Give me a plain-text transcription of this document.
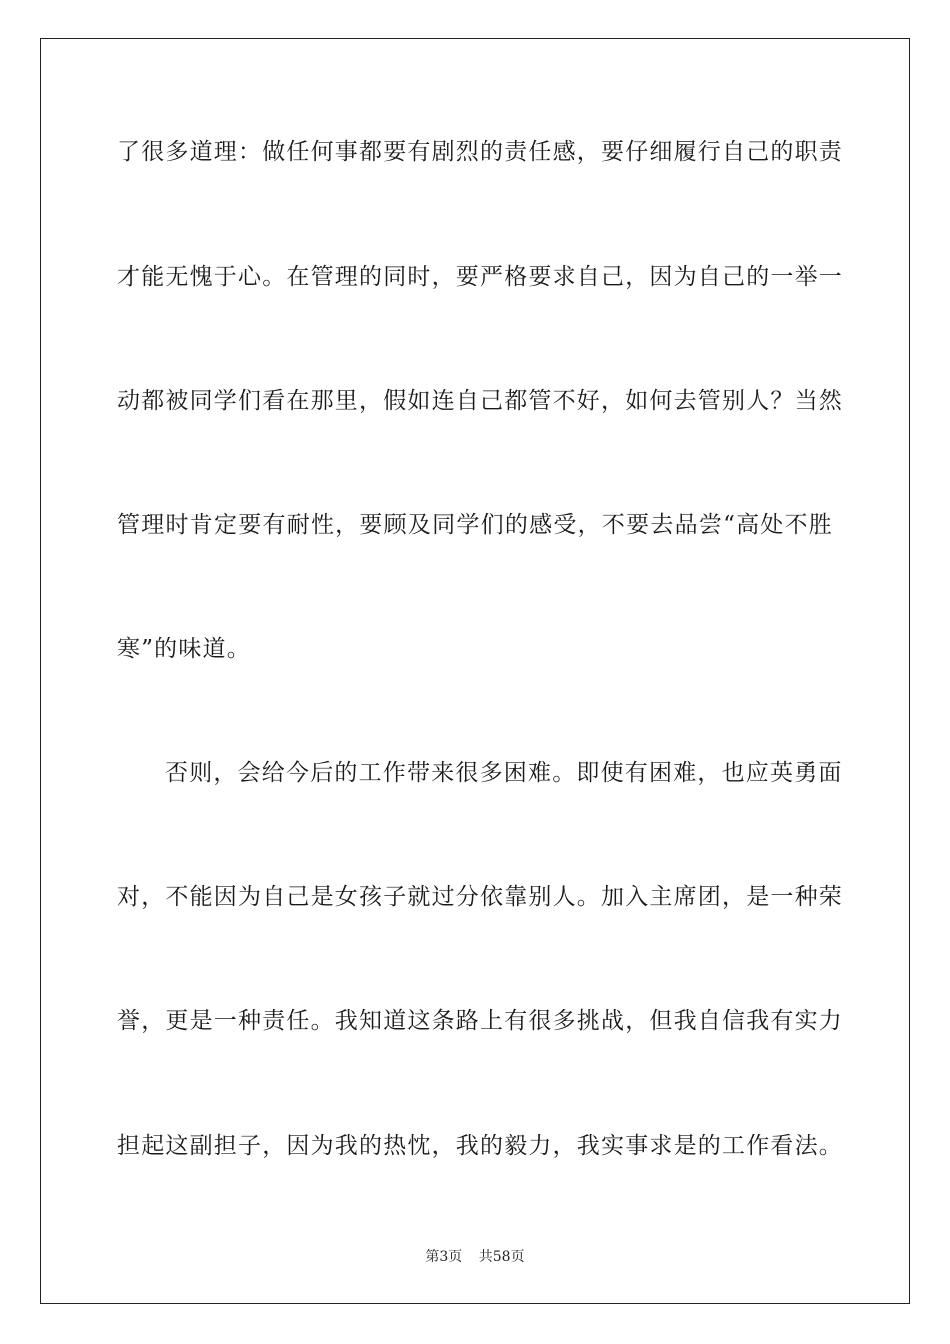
了很多道理：做任何事都要有剧烈的责任感，要仔细履行自己的职责
才能无愧于心。在管理的同时，要严格要求自己，因为自己的一举一
动都被同学们看在那里，假如连自己都管不好，如何去管别人？当然
管理时肯定要有耐性，要顾及同学们的感受，不要去品尝“高处不胜
寒”的味道。
否则，会给今后的工作带来很多困难。即使有困难，也应英勇面
对，不能因为自己是女孩子就过分依靠别人。加入主席团，是一种荣
誉，更是一种责任。我知道这条路上有很多挑战，但我自信我有实力
担起这副担子，因为我的热忱，我的毅力，我实事求是的工作看法。
第3页 共58页
